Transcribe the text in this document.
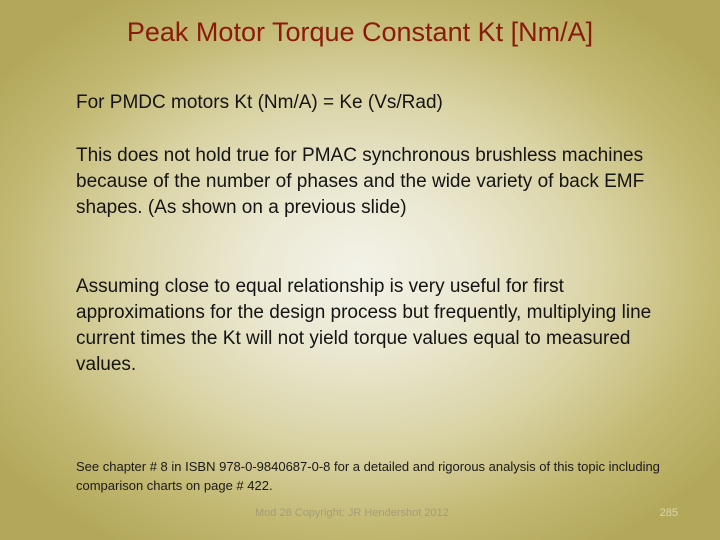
Peak Motor Torque Constant Kt [Nm/A]

For PMDC motors Kt (Nm/A) = Ke (Vs/Rad)

This does not hold true for PMAC synchronous brushless machines because of the number of phases and the wide variety of back EMF shapes. (As shown on a previous slide)

Assuming close to equal relationship is very useful for first approximations for the design process but frequently, multiplying line current times the Kt will not yield torque values equal to measured values.

See chapter # 8 in ISBN 978-0-9840687-0-8 for a detailed and rigorous analysis of this topic including comparison charts on page # 422.

Mod 28 Copyright: JR Hendershot 2012	285
